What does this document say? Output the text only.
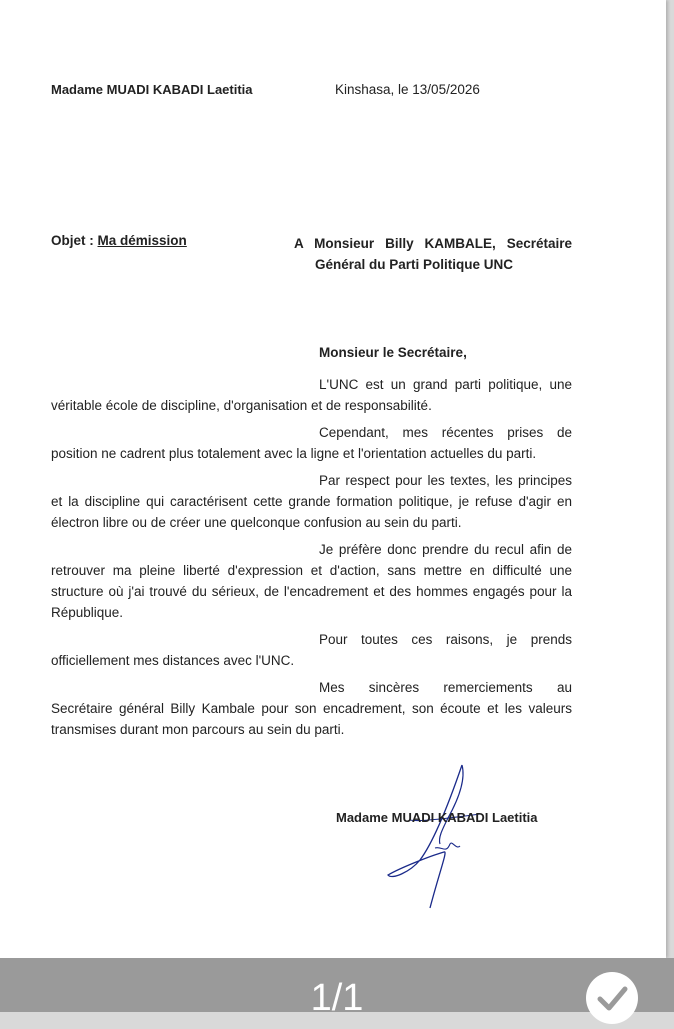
Madame MUADI KABADI Laetitia	Kinshasa, le 13/05/2026
Objet : Ma démission	A Monsieur Billy KAMBALE, Secrétaire
Général du Parti Politique UNC
Monsieur le Secrétaire,

L'UNC est un grand parti politique, une véritable école de discipline, d'organisation et de responsabilité.

Cependant, mes récentes prises de position ne cadrent plus totalement avec la ligne et l'orientation actuelles du parti.

Par respect pour les textes, les principes et la discipline qui caractérisent cette grande formation politique, je refuse d'agir en électron libre ou de créer une quelconque confusion au sein du parti.

Je préfère donc prendre du recul afin de retrouver ma pleine liberté d'expression et d'action, sans mettre en difficulté une structure où j'ai trouvé du sérieux, de l'encadrement et des hommes engagés pour la République.

Pour toutes ces raisons, je prends officiellement mes distances avec l'UNC.

Mes sincères remerciements au Secrétaire général Billy Kambale pour son encadrement, son écoute et les valeurs transmises durant mon parcours au sein du parti.

Madame MUADI KABADI Laetitia
1/1
